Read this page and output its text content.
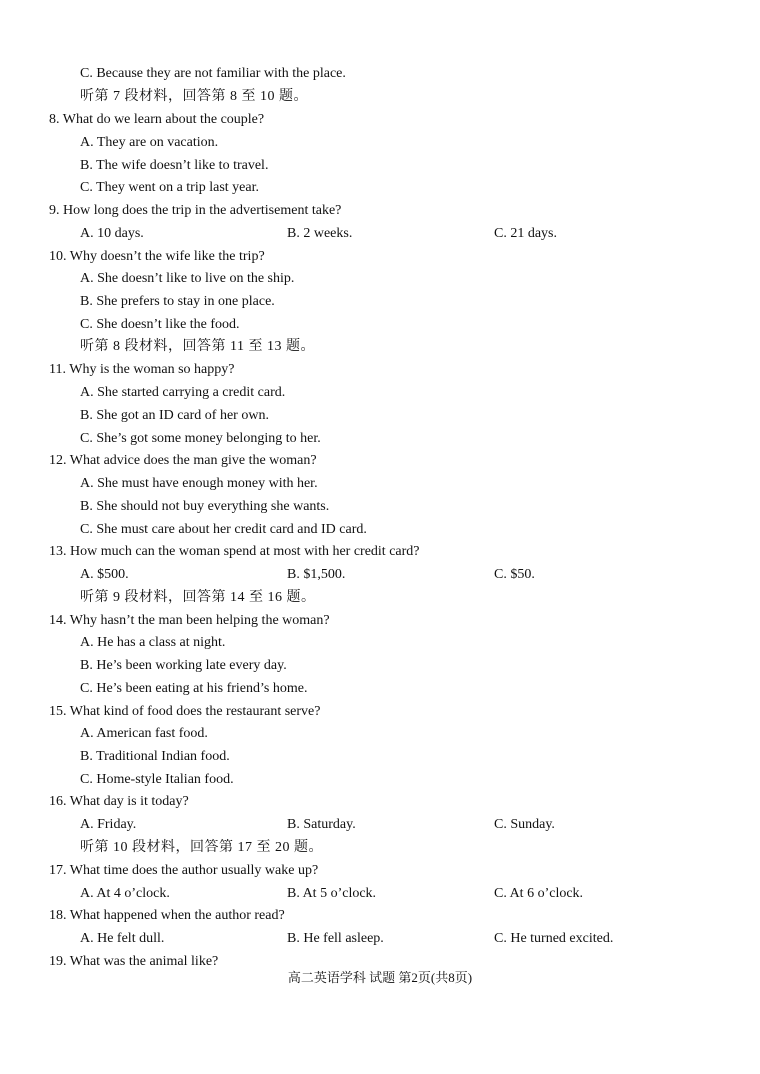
C. Because they are not familiar with the place.
听第 7 段材料，回答第 8 至 10 题。
8. What do we learn about the couple?
A. They are on vacation.
B. The wife doesn’t like to travel.
C. They went on a trip last year.
9. How long does the trip in the advertisement take?
A. 10 days.	B. 2 weeks.	C. 21 days.
10. Why doesn’t the wife like the trip?
A. She doesn’t like to live on the ship.
B. She prefers to stay in one place.
C. She doesn’t like the food.
听第 8 段材料，回答第 11 至 13 题。
11. Why is the woman so happy?
A. She started carrying a credit card.
B. She got an ID card of her own.
C. She’s got some money belonging to her.
12. What advice does the man give the woman?
A. She must have enough money with her.
B. She should not buy everything she wants.
C. She must care about her credit card and ID card.
13. How much can the woman spend at most with her credit card?
A. $500.	B. $1,500.	C. $50.
听第 9 段材料，回答第 14 至 16 题。
14. Why hasn’t the man been helping the woman?
A. He has a class at night.
B. He’s been working late every day.
C. He’s been eating at his friend’s home.
15. What kind of food does the restaurant serve?
A. American fast food.
B. Traditional Indian food.
C. Home-style Italian food.
16. What day is it today?
A. Friday.	B. Saturday.	C. Sunday.
听第 10 段材料，回答第 17 至 20 题。
17. What time does the author usually wake up?
A. At 4 o’clock.	B. At 5 o’clock.	C. At 6 o’clock.
18. What happened when the author read?
A. He felt dull.	B. He fell asleep.	C. He turned excited.
19. What was the animal like?
高二英语学科 试题 第2页(共8页)
